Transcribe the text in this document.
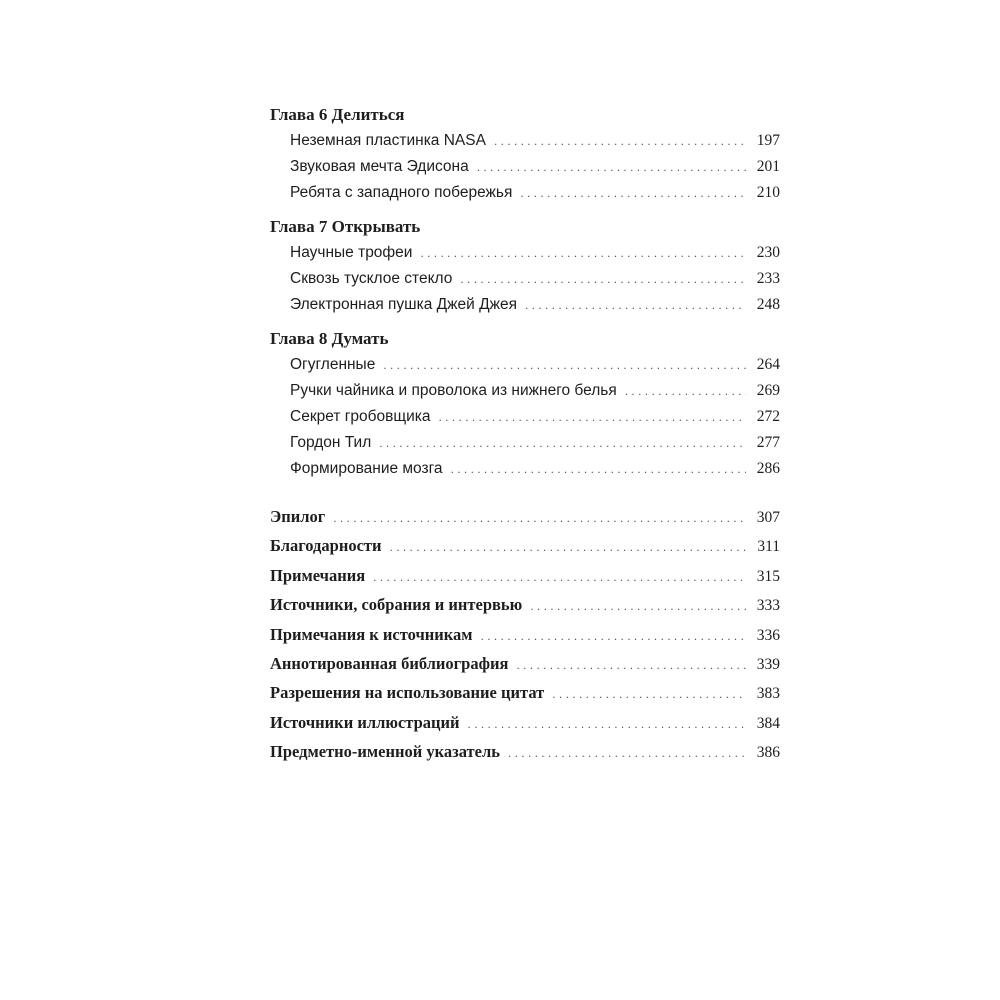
Глава 6 Делиться
Неземная пластинка NASA . . .	197
Звуковая мечта Эдисона . . .	201
Ребята с западного побережья . . .	210
Глава 7 Открывать
Научные трофеи . . .	230
Сквозь тусклое стекло . . .	233
Электронная пушка Джей Джея . . .	248
Глава 8 Думать
Огугленные . . .	264
Ручки чайника и проволока из нижнего белья . . .	269
Секрет гробовщика . . .	272
Гордон Тил . . .	277
Формирование мозга . . .	286
Эпилог . . .	307
Благодарности . . .	311
Примечания . . .	315
Источники, собрания и интервью . . .	333
Примечания к источникам . . .	336
Аннотированная библиография . . .	339
Разрешения на использование цитат . . .	383
Источники иллюстраций . . .	384
Предметно-именной указатель . . .	386
